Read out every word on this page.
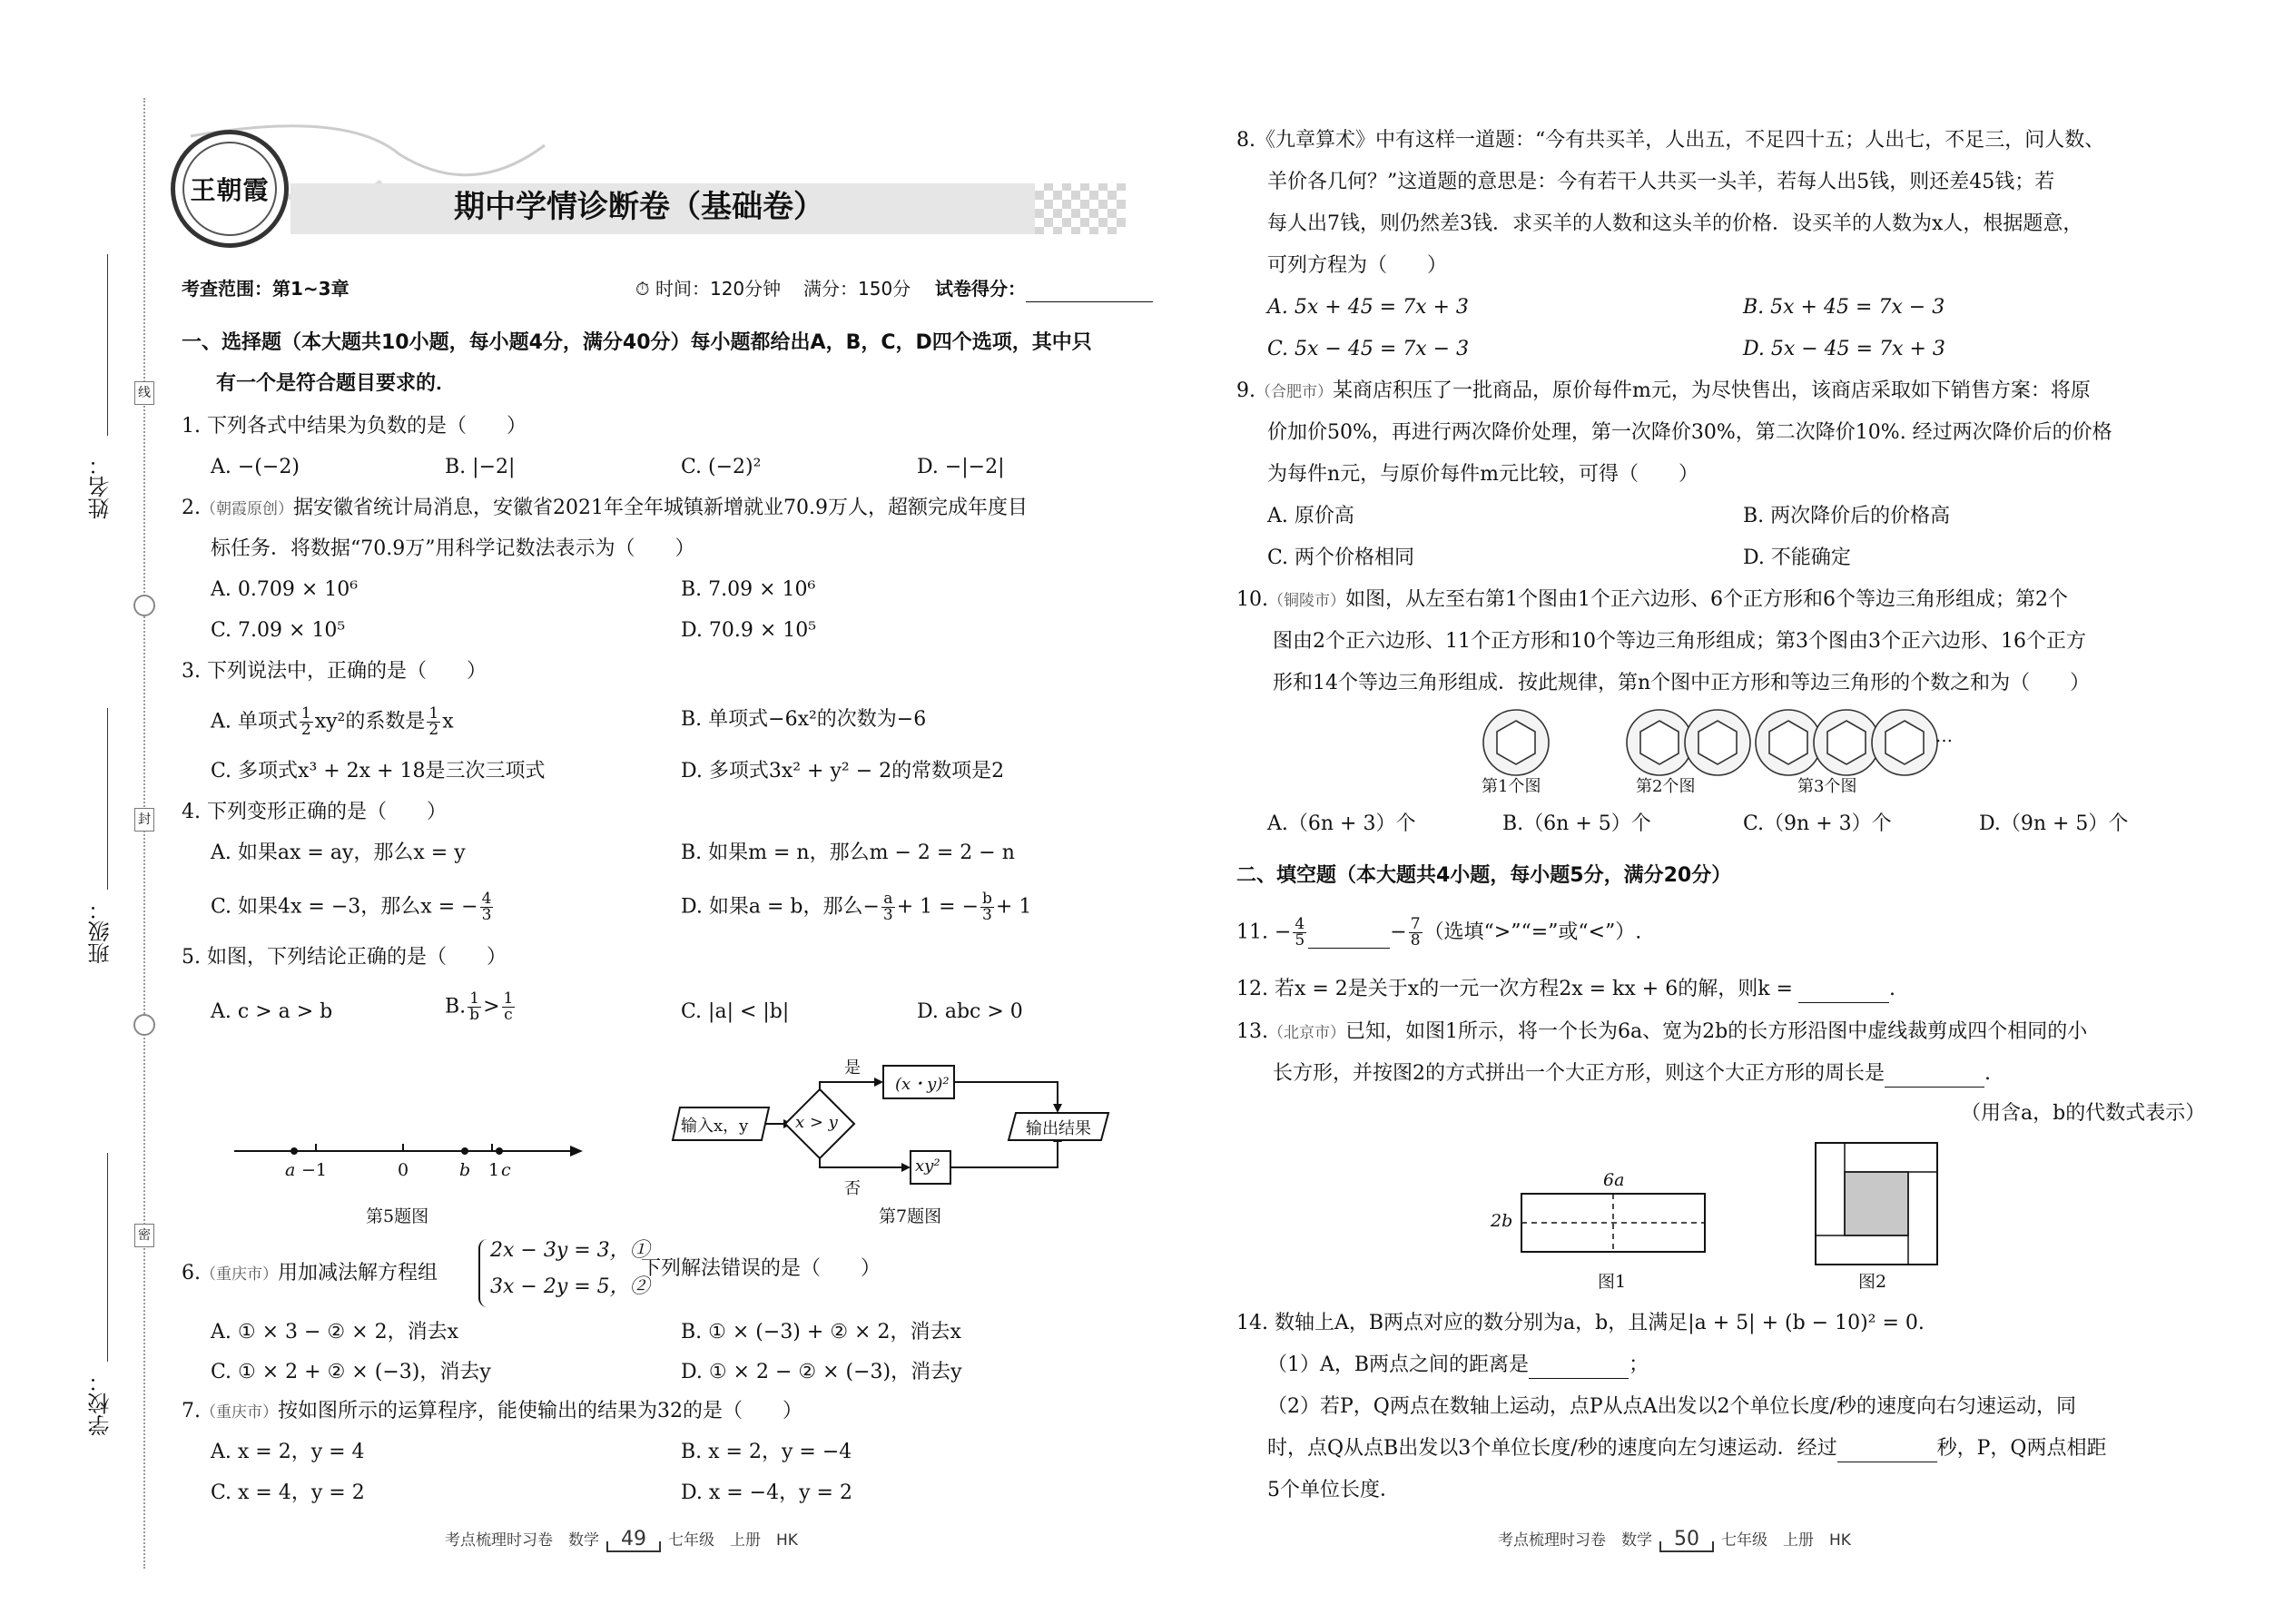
姓名：
班级：
学校：
线
封
密
王朝霞	期中学情诊断卷（基础卷）
考查范围：第1~3章	⏱ 时间：120分钟 满分：150分 试卷得分：
一、选择题（本大题共10小题，每小题4分，满分40分）每小题都给出A，B，C，D四个选项，其中只
有一个是符合题目要求的．
1. 下列各式中结果为负数的是（　　）
A. −(−2)	B. |−2|	C. (−2)²	D. −|−2|
2.（朝霞原创）据安徽省统计局消息，安徽省2021年全年城镇新增就业70.9万人，超额完成年度目
标任务．将数据“70.9万”用科学记数法表示为（　　）
A. 0.709 × 10⁶	B. 7.09 × 10⁶
C. 7.09 × 10⁵	D. 70.9 × 10⁵
3. 下列说法中，正确的是（　　）
A. 单项式 $\frac{1}{2} xy^2$的系数是 $\frac{1}{2}$ x	B. 单项式−6x²的次数为−6
C. 多项式x³ + 2x + 18是三次三项式	D. 多项式3x² + y² − 2的常数项是2
4. 下列变形正确的是（　　）
A. 如果ax = ay，那么x = y	B. 如果m = n，那么m − 2 = 2 − n
C. 如果4x = −3，那么x = − $\frac{4}{3}$	D. 如果a = b，那么− $\frac{a}{3} + 1$ = − $\frac{b}{3} + 1$
5. 如图，下列结论正确的是（　　）
A. c > a > b	B. $\frac{1}{b} > \frac{1}{c}$	C. |a| < |b|	D. abc > 0
a −1	0	b 1 c
第5题图
输入x，y	x > y
是
否
(x・y)²
xy²
输出结果
第7题图
6.（重庆市）用加减法解方程组
2x − 3y = 3，①
3x − 2y = 5，②
下列解法错误的是（　　）
A. ① × 3 − ② × 2，消去x	B. ① × (−3) + ② × 2，消去x
C. ① × 2 + ② × (−3)，消去y	D. ① × 2 − ② × (−3)，消去y
7.（重庆市）按如图所示的运算程序，能使输出的结果为32的是（　　）
A. x = 2，y = 4	B. x = 2，y = −4
C. x = 4，y = 2	D. x = −4，y = 2
考点梳理时习卷　数学 49 七年级　上册　HK
8.《九章算术》中有这样一道题：“今有共买羊，人出五，不足四十五；人出七，不足三，问人数、
羊价各几何？”这道题的意思是：今有若干人共买一头羊，若每人出5钱，则还差45钱；若
每人出7钱，则仍然差3钱．求买羊的人数和这头羊的价格．设买羊的人数为x人，根据题意，
可列方程为（　　）
A. 5x + 45 = 7x + 3	B. 5x + 45 = 7x − 3
C. 5x − 45 = 7x − 3	D. 5x − 45 = 7x + 3
9.（合肥市）某商店积压了一批商品，原价每件m元，为尽快售出，该商店采取如下销售方案：将原
价加价50%，再进行两次降价处理，第一次降价30%，第二次降价10%. 经过两次降价后的价格
为每件n元，与原价每件m元比较，可得（　　）
A. 原价高	B. 两次降价后的价格高
C. 两个价格相同	D. 不能确定
10.（铜陵市）如图，从左至右第1个图由1个正六边形、6个正方形和6个等边三角形组成；第2个
图由2个正六边形、11个正方形和10个等边三角形组成；第3个图由3个正六边形、16个正方
形和14个等边三角形组成．按此规律，第n个图中正方形和等边三角形的个数之和为（　　）
…
第1个图	第2个图	第3个图
A.（6n + 3）个	B.（6n + 5）个	C.（9n + 3）个	D.（9n + 5）个
二、填空题（本大题共4小题，每小题5分，满分20分）
11. − $\frac{4}{5}$	− $\frac{7}{8}$ （选填“>”“=”或“<”）.
12. 若x = 2是关于x的一元一次方程2x = kx + 6的解，则k =	.
13.（北京市）已知，如图1所示，将一个长为6a、宽为2b的长方形沿图中虚线裁剪成四个相同的小
长方形，并按图2的方式拼出一个大正方形，则这个大正方形的周长是	.
（用含a，b的代数式表示）
6a
2b
图1	图2
14. 数轴上A，B两点对应的数分别为a，b，且满足|a + 5| + (b − 10)² = 0.
（1）A，B两点之间的距离是	；
（2）若P，Q两点在数轴上运动，点P从点A出发以2个单位长度/秒的速度向右匀速运动，同
时，点Q从点B出发以3个单位长度/秒的速度向左匀速运动．经过	秒，P，Q两点相距
5个单位长度．
考点梳理时习卷　数学 50 七年级　上册　HK
